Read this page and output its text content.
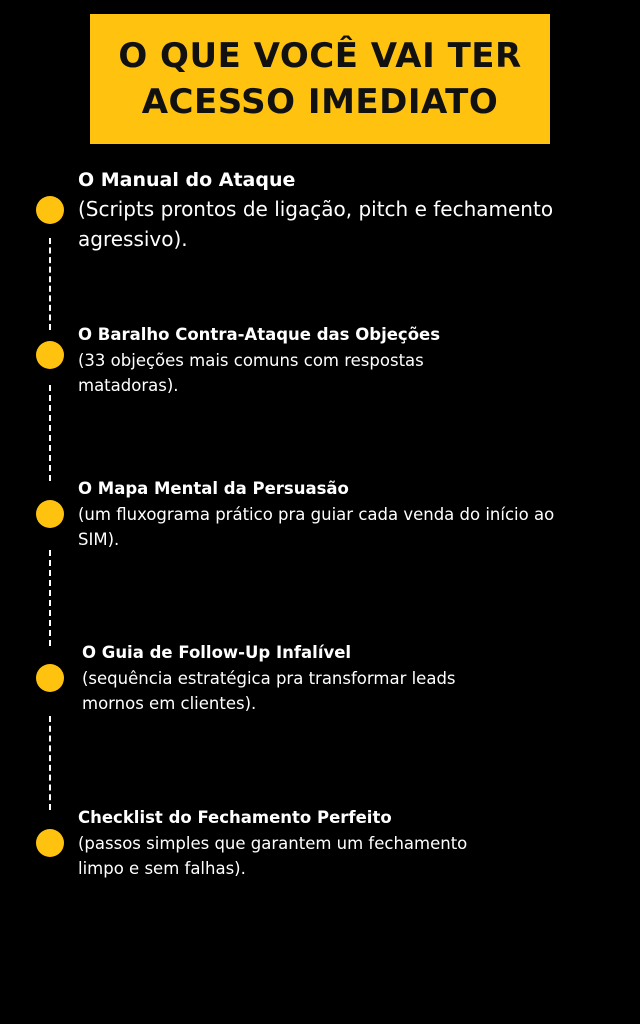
O QUE VOCÊ VAI TER
ACESSO IMEDIATO
O Manual do Ataque
(Scripts prontos de ligação, pitch e fechamento agressivo).
O Baralho Contra-Ataque das Objeções
(33 objeções mais comuns com respostas matadoras).
O Mapa Mental da Persuasão
(um fluxograma prático pra guiar cada venda do início ao SIM).
O Guia de Follow-Up Infalível
(sequência estratégica pra transformar leads mornos em clientes).
Checklist do Fechamento Perfeito
(passos simples que garantem um fechamento limpo e sem falhas).
